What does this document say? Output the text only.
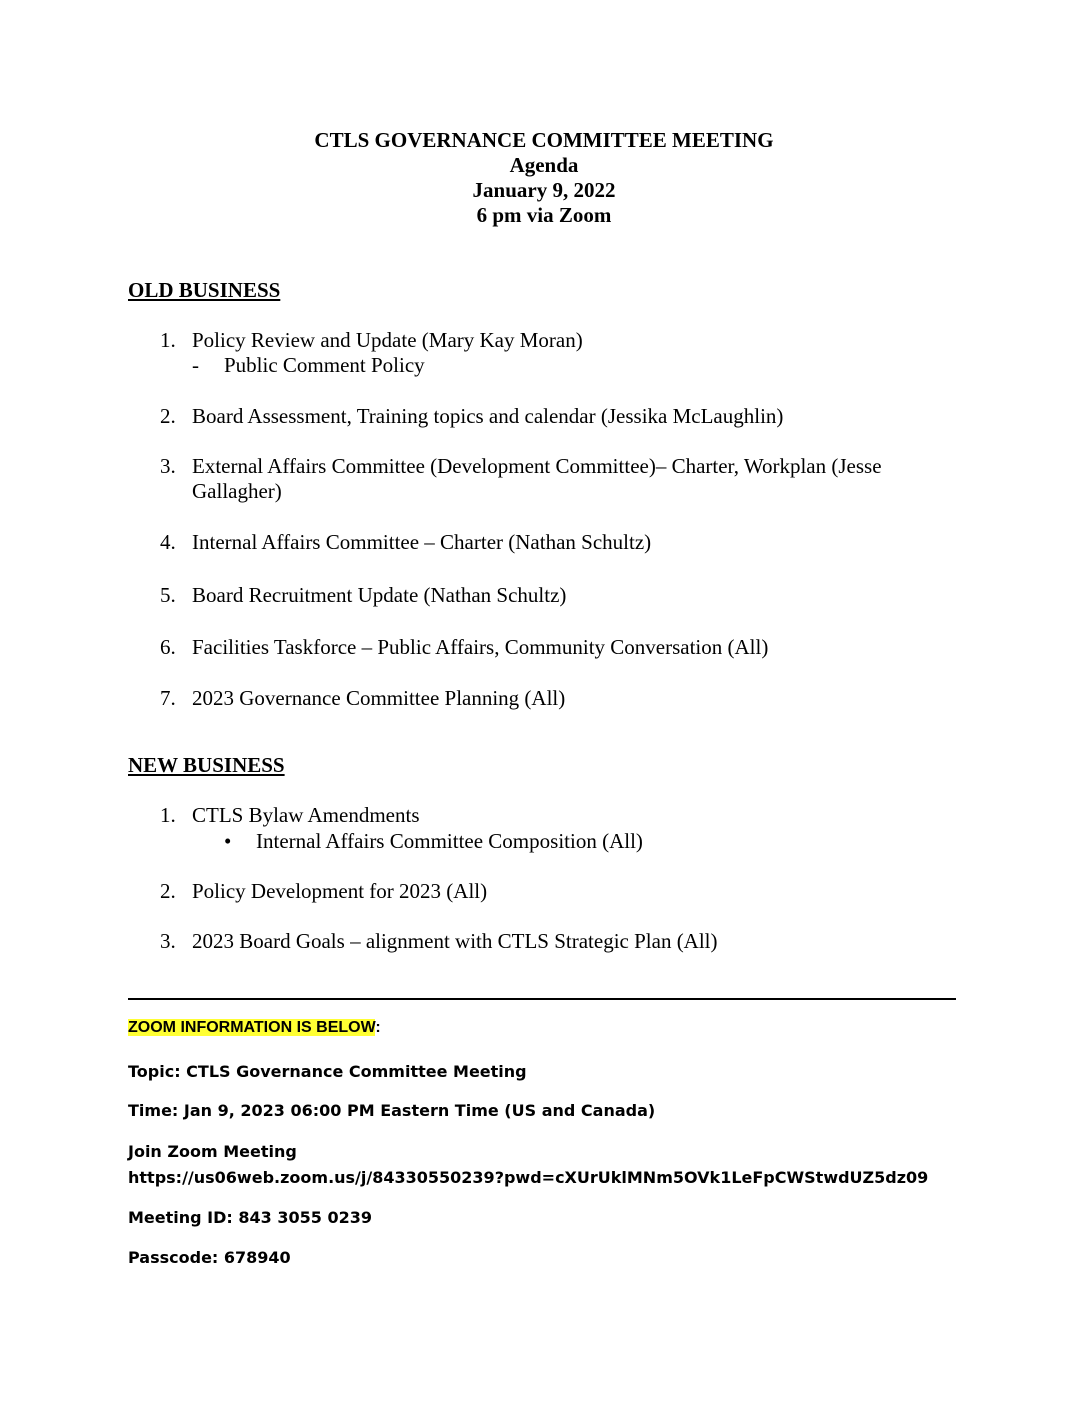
CTLS GOVERNANCE COMMITTEE MEETING
Agenda
January 9, 2022
6 pm via Zoom
OLD BUSINESS
1. Policy Review and Update (Mary Kay Moran)
-	Public Comment Policy
2. Board Assessment, Training topics and calendar (Jessika McLaughlin)
3. External Affairs Committee (Development Committee)– Charter, Workplan (Jesse Gallagher)
4. Internal Affairs Committee – Charter (Nathan Schultz)
5. Board Recruitment Update (Nathan Schultz)
6. Facilities Taskforce – Public Affairs, Community Conversation (All)
7. 2023 Governance Committee Planning (All)
NEW BUSINESS
1. CTLS Bylaw Amendments
•	Internal Affairs Committee Composition (All)
2. Policy Development for 2023 (All)
3. 2023 Board Goals – alignment with CTLS Strategic Plan (All)
ZOOM INFORMATION IS BELOW:
Topic: CTLS Governance Committee Meeting
Time: Jan 9, 2023 06:00 PM Eastern Time (US and Canada)
Join Zoom Meeting
https://us06web.zoom.us/j/84330550239?pwd=cXUrUklMNm5OVk1LeFpCWStwdUZ5dz09
Meeting ID: 843 3055 0239
Passcode: 678940
